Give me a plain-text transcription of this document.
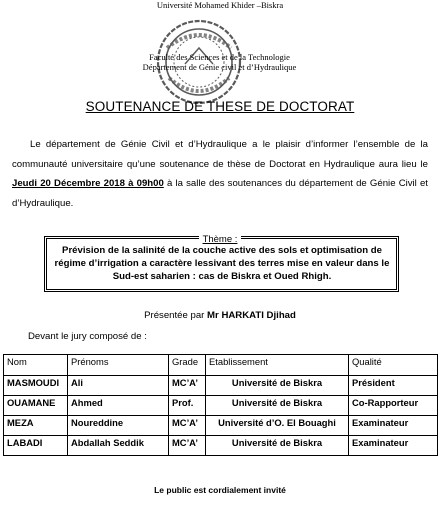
Université Mohamed Khider –Biskra
Faculté des Sciences et de la Technologie
Département de Génie civil et d’Hydraulique
SOUTENANCE DE THESE DE DOCTORAT

Le département de Génie Civil et d’Hydraulique a le plaisir d’informer l’ensemble de la communauté universitaire qu’une soutenance de thèse de Doctorat en Hydraulique aura lieu le Jeudi 20 Décembre 2018 à 09h00 à la salle des soutenances du département de Génie Civil et d’Hydraulique.

Thème :
Prévision de la salinité de la couche active des sols et optimisation de régime d’irrigation a caractère lessivant des terres mise en valeur dans le Sud-est saharien : cas de Biskra et Oued Rhigh.
Présentée par Mr HARKATI Djihad
Devant le jury composé de :
Nom	Prénoms	Grade	Etablissement	Qualité
MASMOUDI	Ali	MC’A’	Université de Biskra	Président
OUAMANE	Ahmed	Prof.	Université de Biskra	Co-Rapporteur
MEZA	Noureddine	MC’A’	Université d’O. El Bouaghi	Examinateur
LABADI	Abdallah Seddik	MC’A’	Université de Biskra	Examinateur
Le public est cordialement invité
